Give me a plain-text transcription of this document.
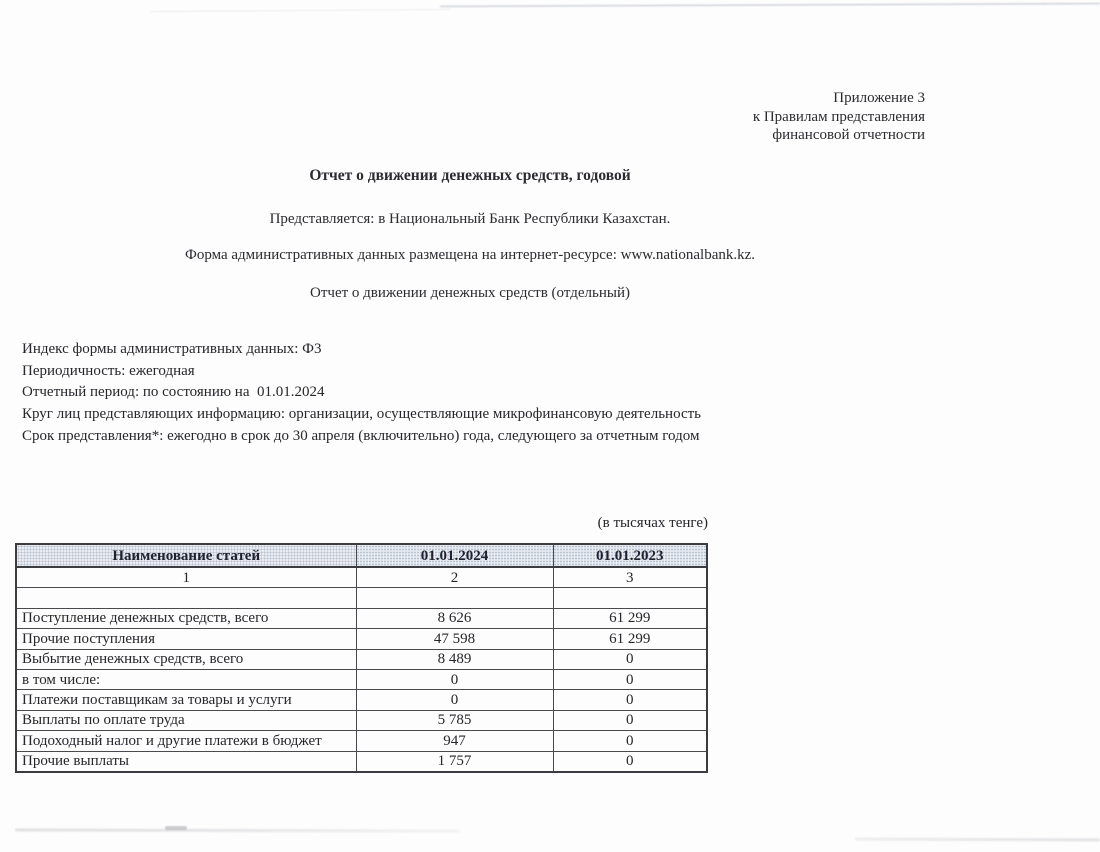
Приложение 3
к Правилам представления
финансовой отчетности
Отчет о движении денежных средств, годовой
Представляется: в Национальный Банк Республики Казахстан.
Форма административных данных размещена на интернет-ресурсе: www.nationalbank.kz.
Отчет о движении денежных средств (отдельный)
Индекс формы административных данных: Ф3
Периодичность: ежегодная
Отчетный период: по состоянию на  01.01.2024
Круг лиц представляющих информацию: организации, осуществляющие микрофинансовую деятельность
Срок представления*: ежегодно в срок до 30 апреля (включительно) года, следующего за отчетным годом
(в тысячах тенге)
Наименование статей	01.01.2024	01.01.2023
1	2	3

Поступление денежных средств, всего	8 626	61 299
Прочие поступления	47 598	61 299
Выбытие денежных средств, всего	8 489	0
в том числе:	0	0
Платежи поставщикам за товары и услуги	0	0
Выплаты по оплате труда	5 785	0
Подоходный налог и другие платежи в бюджет	947	0
Прочие выплаты	1 757	0
